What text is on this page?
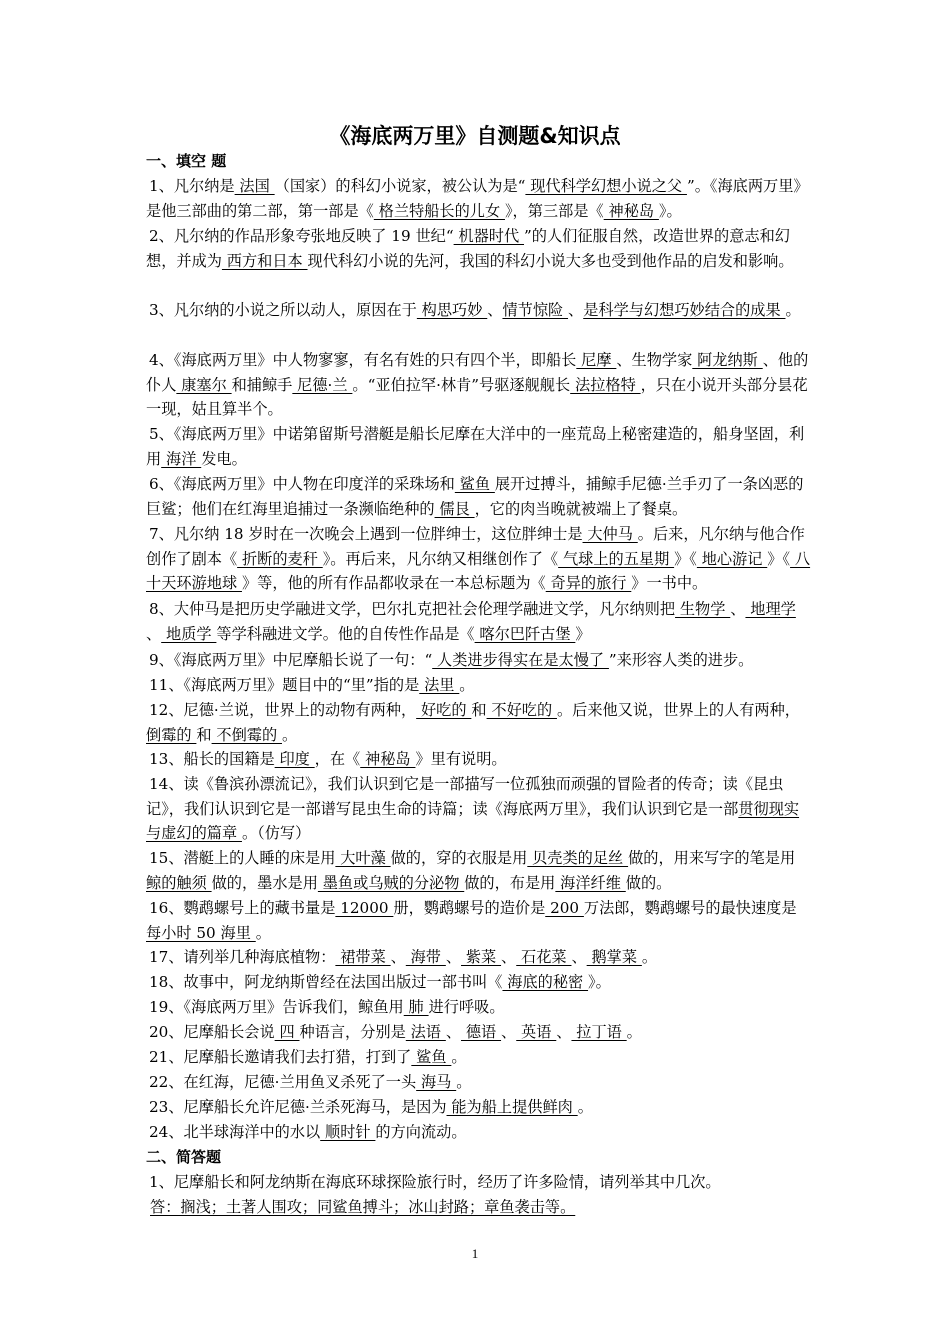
《海底两万里》自测题&知识点
一、填空 题
1、凡尔纳是 法国 （国家）的科幻小说家，被公认为是“ 现代科学幻想小说之父 ”。《海底两万里》是他三部曲的第二部，第一部是《 格兰特船长的儿女 》，第三部是《 神秘岛 》。
2、凡尔纳的作品形象夸张地反映了 19 世纪“ 机器时代 ”的人们征服自然，改造世界的意志和幻想，并成为 西方和日本 现代科幻小说的先河，我国的科幻小说大多也受到他作品的启发和影响。
3、凡尔纳的小说之所以动人，原因在于 构思巧妙 、情节惊险 、是科学与幻想巧妙结合的成果 。
4、《海底两万里》中人物寥寥，有名有姓的只有四个半，即船长 尼摩 、生物学家 阿龙纳斯 、他的仆人 康塞尔 和捕鲸手 尼德·兰 。“亚伯拉罕·林肯”号驱逐舰舰长 法拉格特 ，只在小说开头部分昙花一现，姑且算半个。
5、《海底两万里》中诺第留斯号潜艇是船长尼摩在大洋中的一座荒岛上秘密建造的，船身坚固，利用 海洋 发电。
6、《海底两万里》中人物在印度洋的采珠场和 鲨鱼 展开过搏斗，捕鲸手尼德·兰手刃了一条凶恶的巨鲨；他们在红海里追捕过一条濒临绝种的 儒艮 ，它的肉当晚就被端上了餐桌。
7、凡尔纳 18 岁时在一次晚会上遇到一位胖绅士，这位胖绅士是 大仲马 。后来，凡尔纳与他合作创作了剧本《 折断的麦秆 》。再后来，凡尔纳又相继创作了《 气球上的五星期 》《 地心游记 》《 八十天环游地球 》等，他的所有作品都收录在一本总标题为《 奇异的旅行 》一书中。
8、大仲马是把历史学融进文学，巴尔扎克把社会伦理学融进文学，凡尔纳则把 生物学 、 地理学 、 地质学 等学科融进文学。他的自传性作品是《 喀尔巴阡古堡 》
9、《海底两万里》中尼摩船长说了一句：“ 人类进步得实在是太慢了 ”来形容人类的进步。
11、《海底两万里》题目中的“里”指的是 法里 。
12、尼德·兰说，世界上的动物有两种， 好吃的 和 不好吃的 。后来他又说，世界上的人有两种， 倒霉的 和 不倒霉的 。
13、船长的国籍是 印度 ，在《 神秘岛 》里有说明。
14、读《鲁滨孙漂流记》，我们认识到它是一部描写一位孤独而顽强的冒险者的传奇；读《昆虫记》，我们认识到它是一部谱写昆虫生命的诗篇；读《海底两万里》，我们认识到它是一部贯彻现实与虚幻的篇章 。（仿写）
15、潜艇上的人睡的床是用 大叶藻 做的，穿的衣服是用 贝壳类的足丝 做的，用来写字的笔是用 鲸的触须 做的，墨水是用 墨鱼或乌贼的分泌物 做的，布是用 海洋纤维 做的。
16、鹦鹉螺号上的藏书量是 12000 册，鹦鹉螺号的造价是 200 万法郎，鹦鹉螺号的最快速度是 每小时 50 海里 。
17、请列举几种海底植物： 裙带菜 、 海带 、 紫菜 、 石花菜 、 鹅掌菜 。
18、故事中，阿龙纳斯曾经在法国出版过一部书叫《 海底的秘密 》。
19、《海底两万里》告诉我们，鲸鱼用 肺 进行呼吸。
20、尼摩船长会说 四 种语言，分别是 法语 、 德语 、 英语 、 拉丁语 。
21、尼摩船长邀请我们去打猎，打到了 鲨鱼 。
22、在红海，尼德·兰用鱼叉杀死了一头 海马 。
23、尼摩船长允许尼德·兰杀死海马，是因为 能为船上提供鲜肉 。
24、北半球海洋中的水以 顺时针 的方向流动。
二、简答题
1、尼摩船长和阿龙纳斯在海底环球探险旅行时，经历了许多险情，请列举其中几次。
答：搁浅；土著人围攻；同鲨鱼搏斗；冰山封路；章鱼袭击等。
1
